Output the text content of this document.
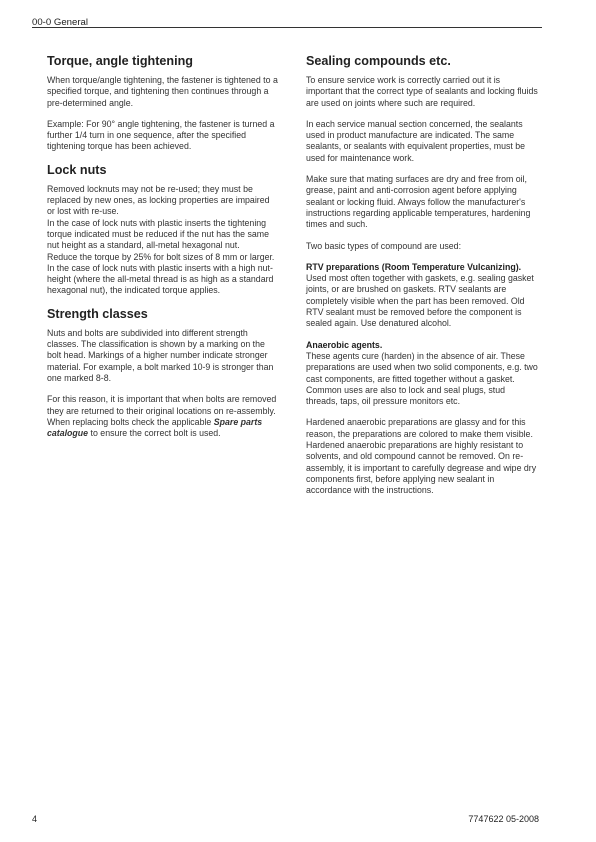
00-0 General
Torque, angle tightening

When torque/angle tightening, the fastener is tightened to a specified torque, and tightening then continues through a pre-determined angle.

Example: For 90° angle tightening, the fastener is turned a further 1/4 turn in one sequence, after the specified tightening torque has been achieved.

Lock nuts

Removed locknuts may not be re-used; they must be replaced by new ones, as locking properties are impaired or lost with re-use.

In the case of lock nuts with plastic inserts the tightening torque indicated must be reduced if the nut has the same nut height as a standard, all-metal hexagonal nut.

Reduce the torque by 25% for bolt sizes of 8 mm or larger.

In the case of lock nuts with plastic inserts with a high nut-height (where the all-metal thread is as high as a standard hexagonal nut), the indicated torque applies.

Strength classes

Nuts and bolts are subdivided into different strength classes. The classification is shown by a marking on the bolt head. Markings of a higher number indicate stronger material. For example, a bolt marked 10-9 is stronger than one marked 8-8.

For this reason, it is important that when bolts are removed they are returned to their original locations on re-assembly. When replacing bolts check the applicable Spare parts catalogue to ensure the correct bolt is used.

Sealing compounds etc.

To ensure service work is correctly carried out it is important that the correct type of sealants and locking fluids are used on joints where such are required.

In each service manual section concerned, the sealants used in product manufacture are indicated. The same sealants, or sealants with equivalent properties, must be used for maintenance work.

Make sure that mating surfaces are dry and free from oil, grease, paint and anti-corrosion agent before applying sealant or locking fluid. Always follow the manufacturer's instructions regarding applicable temperatures, hardening times and such.

Two basic types of compound are used:

RTV preparations (Room Temperature Vulcanizing).

Used most often together with gaskets, e.g. sealing gasket joints, or are brushed on gaskets. RTV sealants are completely visible when the part has been removed. Old RTV sealant must be removed before the component is sealed again. Use denatured alcohol.

Anaerobic agents.

These agents cure (harden) in the absence of air. These preparations are used when two solid components, e.g. two cast components, are fitted together without a gasket. Common uses are also to lock and seal plugs, stud threads, taps, oil pressure monitors etc.

Hardened anaerobic preparations are glassy and for this reason, the preparations are colored to make them visible. Hardened anaerobic preparations are highly resistant to solvents, and old compound cannot be removed. On re-assembly, it is important to carefully degrease and wipe dry components first, before applying new sealant in accordance with the instructions.

4	7747622 05-2008
